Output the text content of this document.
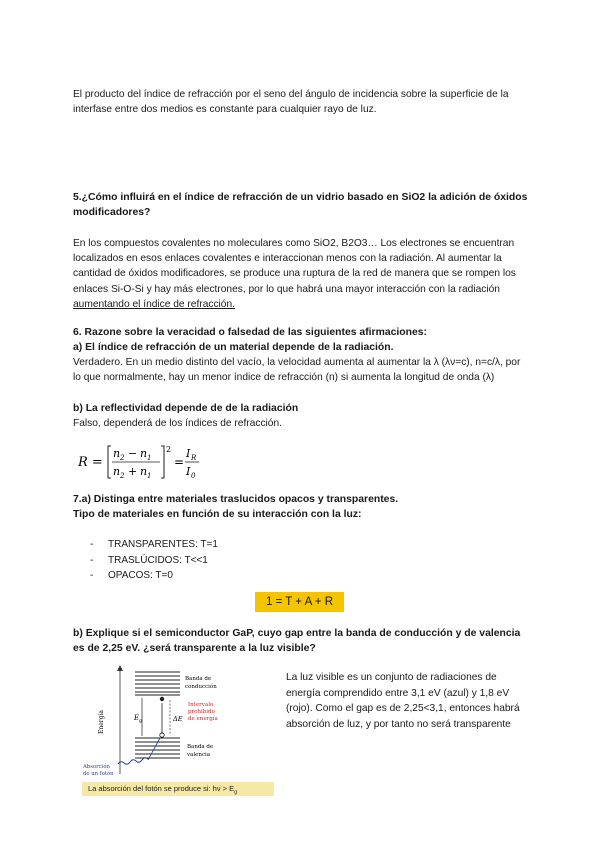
El producto del índice de refracción por el seno del ángulo de incidencia sobre la superficie de la interfase entre dos medios es constante para cualquier rayo de luz.
5.¿Cómo influirá en el índice de refracción de un vidrio basado en SiO2 la adición de óxidos modificadores?
En los compuestos covalentes no moleculares como SiO2, B2O3… Los electrones se encuentran localizados en esos enlaces covalentes e interaccionan menos con la radiación. Al aumentar la cantidad de óxidos modificadores, se produce una ruptura de la red de manera que se rompen los enlaces Si-O-Si y hay más electrones, por lo que habrá una mayor interacción con la radiación aumentando el índice de refracción.
6. Razone sobre la veracidad o falsedad de las siguientes afirmaciones:
a) El índice de refracción de un material depende de la radiación.
Verdadero. En un medio distinto del vacío, la velocidad aumenta al aumentar la λ (λν=c), n=c/λ, por lo que normalmente, hay un menor índice de refracción (n) si aumenta la longitud de onda (λ)
b) La reflectividad depende de de la radiación
Falso, dependerá de los índices de refracción.
R =
n 2 − n 1
n 2 + n 1
2
=
I R
I 0
7.a) Distinga entre materiales traslucidos opacos y transparentes.
Tipo de materiales en función de su interacción con la luz:
-	TRANSPARENTES: T=1
-	TRASLÚCIDOS: T<<1
-	OPACOS: T=0
1 = T + A + R
b) Explique si el semiconductor GaP, cuyo gap entre la banda de conducción y de valencia es de 2,25 eV. ¿será transparente a la luz visible?
La luz visible es un conjunto de radiaciones de energía comprendido entre 3,1 eV (azul) y 1,8 eV (rojo). Como el gap es de 2,25<3,1, entonces habrá absorción de luz, y por tanto no será transparente
Energía	E g	ΔE
Banda de
conducción
Intervalo
prohibido
de energía
Banda de
valencia
Absorción
de un fotón
La absorción del fotón se produce si: $h\nu > E_g$
